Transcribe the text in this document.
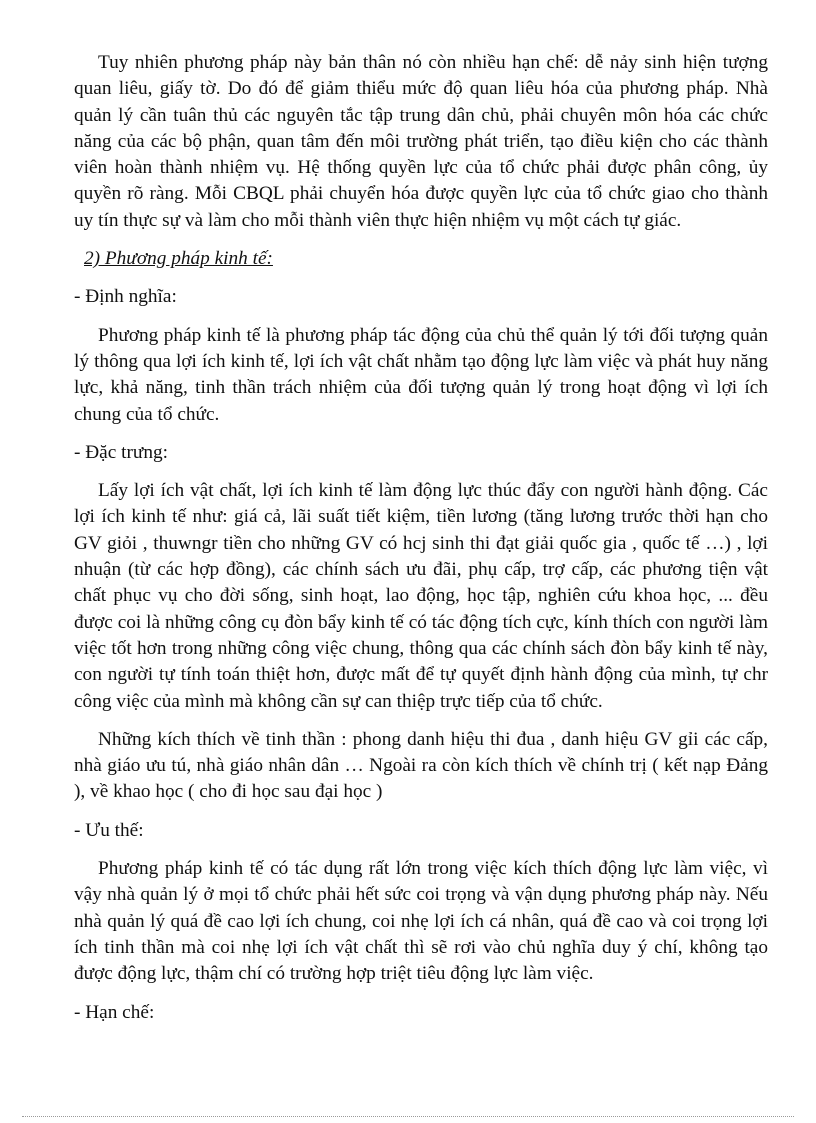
Tuy nhiên phương pháp này bản thân nó còn nhiều hạn chế: dễ nảy sinh hiện tượng quan liêu, giấy tờ. Do đó để giảm thiểu mức độ quan liêu hóa của phương pháp. Nhà quản lý cần tuân thủ các nguyên tắc tập trung dân chủ, phải chuyên môn hóa các chức năng của các bộ phận, quan tâm đến môi trường phát triển, tạo điều kiện cho các thành viên hoàn thành nhiệm vụ. Hệ thống quyền lực của tổ chức phải được phân công, ủy quyền rõ ràng. Mỗi CBQL phải chuyển hóa được quyền lực của tổ chức giao cho thành uy tín thực sự và làm cho mỗi thành viên thực hiện nhiệm vụ một cách tự giác.

2) Phương pháp kinh tế:

- Định nghĩa:

Phương pháp kinh tế là phương pháp tác động của chủ thể quản lý tới đối tượng quản lý thông qua lợi ích kinh tế, lợi ích vật chất nhằm tạo động lực làm việc và phát huy năng lực, khả năng, tinh thần trách nhiệm của đối tượng quản lý trong hoạt động vì lợi ích chung của tổ chức.

- Đặc trưng:

Lấy lợi ích vật chất, lợi ích kinh tế làm động lực thúc đẩy con người hành động. Các lợi ích kinh tế như: giá cả, lãi suất tiết kiệm, tiền lương (tăng lương trước thời hạn cho GV giỏi , thuwngr tiền cho những GV có hcj sinh thi đạt giải quốc gia , quốc tế …) , lợi nhuận (từ các hợp đồng), các chính sách ưu đãi, phụ cấp, trợ cấp, các phương tiện vật chất phục vụ cho đời sống, sinh hoạt, lao động, học tập, nghiên cứu khoa học, ... đều được coi là những công cụ đòn bẩy kinh tế có tác động tích cực, kính thích con người làm việc tốt hơn trong những công việc chung, thông qua các chính sách đòn bẩy kinh tế này, con người tự tính toán thiệt hơn, được mất để tự quyết định hành động của mình, tự chr công việc của mình mà không cần sự can thiệp trực tiếp của tổ chức.

Những kích thích về tinh thần : phong danh hiệu thi đua , danh hiệu GV gỉi các cấp, nhà giáo ưu tú, nhà giáo nhân dân … Ngoài ra còn kích thích về chính trị ( kết nạp Đảng ), về khao học ( cho đi học sau đại học )

- Ưu thế:

Phương pháp kinh tế có tác dụng rất lớn trong việc kích thích động lực làm việc, vì vậy nhà quản lý ở mọi tổ chức phải hết sức coi trọng và vận dụng phương pháp này. Nếu nhà quản lý quá đề cao lợi ích chung, coi nhẹ lợi ích cá nhân, quá đề cao và coi trọng lợi ích tinh thần mà coi nhẹ lợi ích vật chất thì sẽ rơi vào chủ nghĩa duy ý chí, không tạo được động lực, thậm chí có trường hợp triệt tiêu động lực làm việc.

- Hạn chế:
